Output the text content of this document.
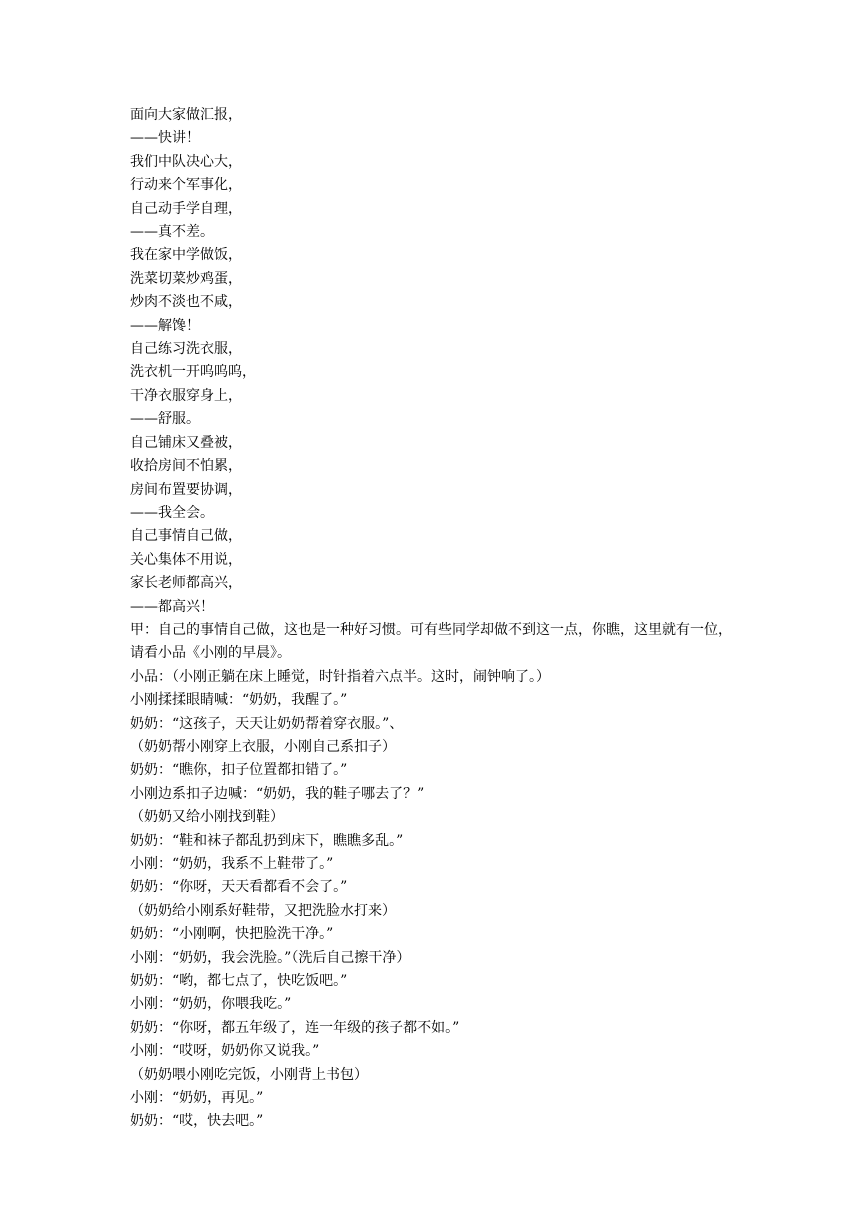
面向大家做汇报，
——快讲！
我们中队决心大，
行动来个军事化，
自己动手学自理，
——真不差。
我在家中学做饭，
洗菜切菜炒鸡蛋，
炒肉不淡也不咸，
——解馋！
自己练习洗衣服，
洗衣机一开呜呜呜，
干净衣服穿身上，
——舒服。
自己铺床又叠被，
收拾房间不怕累，
房间布置要协调，
——我全会。
自己事情自己做，
关心集体不用说，
家长老师都高兴，
——都高兴！
甲：自己的事情自己做，这也是一种好习惯。可有些同学却做不到这一点，你瞧，这里就有一位，请看小品《小刚的早晨》。
小品：（小刚正躺在床上睡觉，时针指着六点半。这时，闹钟响了。）
小刚揉揉眼睛喊：“奶奶，我醒了。”
奶奶：“这孩子，天天让奶奶帮着穿衣服。”、
（奶奶帮小刚穿上衣服，小刚自己系扣子）
奶奶：“瞧你，扣子位置都扣错了。”
小刚边系扣子边喊：“奶奶，我的鞋子哪去了？”
（奶奶又给小刚找到鞋）
奶奶：“鞋和袜子都乱扔到床下，瞧瞧多乱。”
小刚：“奶奶，我系不上鞋带了。”
奶奶：“你呀，天天看都看不会了。”
（奶奶给小刚系好鞋带，又把洗脸水打来）
奶奶：“小刚啊，快把脸洗干净。”
小刚：“奶奶，我会洗脸。”（洗后自己擦干净）
奶奶：“哟，都七点了，快吃饭吧。”
小刚：“奶奶，你喂我吃。”
奶奶：“你呀，都五年级了，连一年级的孩子都不如。”
小刚：“哎呀，奶奶你又说我。”
（奶奶喂小刚吃完饭，小刚背上书包）
小刚：“奶奶，再见。”
奶奶：“哎，快去吧。”
